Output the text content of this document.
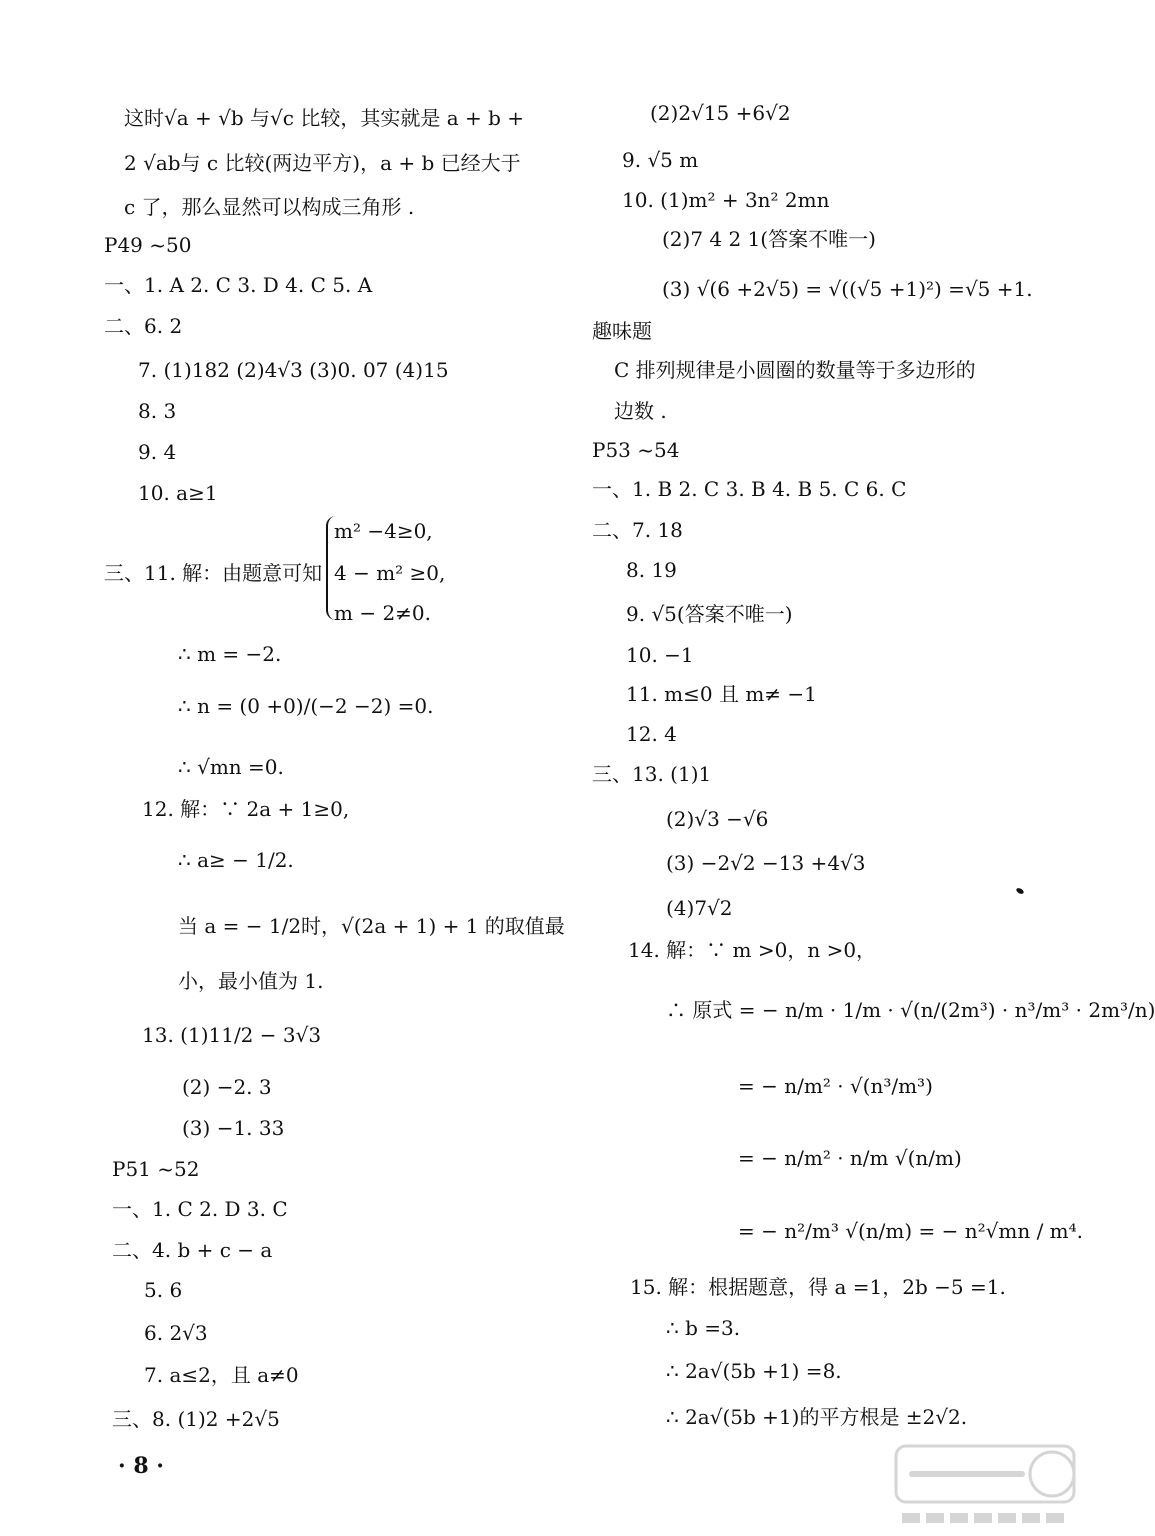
这时√a + √b 与√c 比较，其实就是 a + b +
2 √ab与 c 比较(两边平方)，a + b 已经大于
c 了，那么显然可以构成三角形 .
P49 ~50
一、1. A 2. C 3. D 4. C 5. A
二、6. 2
7. (1)182 (2)4√3 (3)0. 07 (4)15
8. 3
9. 4
10. a≥1
m² −4≥0,
三、11. 解：由题意可知 4 − m² ≥0,
m − 2≠0.
∴ m = −2.
∴ n = (0 +0)/(−2 −2) =0.
∴ √mn =0.
12. 解：∵ 2a + 1≥0,
∴ a≥ − 1/2.
当 a = − 1/2时，√(2a + 1) + 1 的取值最
小，最小值为 1.
13. (1)11/2 − 3√3
(2) −2. 3
(3) −1. 33
P51 ~52
一、1. C 2. D 3. C
二、4. b + c − a
5. 6
6. 2√3
7. a≤2，且 a≠0
三、8. (1)2 +2√5
(2)2√15 +6√2
9. √5 m
10. (1)m² + 3n² 2mn
(2)7 4 2 1(答案不唯一)
(3) √(6 +2√5) = √((√5 +1)²) =√5 +1.
趣味题
C 排列规律是小圆圈的数量等于多边形的
边数 .
P53 ~54
一、1. B 2. C 3. B 4. B 5. C 6. C
二、7. 18
8. 19
9. √5(答案不唯一)
10. −1
11. m≤0 且 m≠ −1
12. 4
三、13. (1)1
(2)√3 −√6
(3) −2√2 −13 +4√3
(4)7√2
14. 解：∵ m >0，n >0，
∴ 原式 = − n/m · 1/m · √(n/(2m³) · n³/m³ · 2m³/n)
= − n/m² · √(n³/m³)
= − n/m² · n/m √(n/m)
= − n²/m³ √(n/m) = − n²√mn / m⁴.
15. 解：根据题意，得 a =1，2b −5 =1.
∴ b =3.
∴ 2a√(5b +1) =8.
∴ 2a√(5b +1)的平方根是 ±2√2.
· 8 ·
